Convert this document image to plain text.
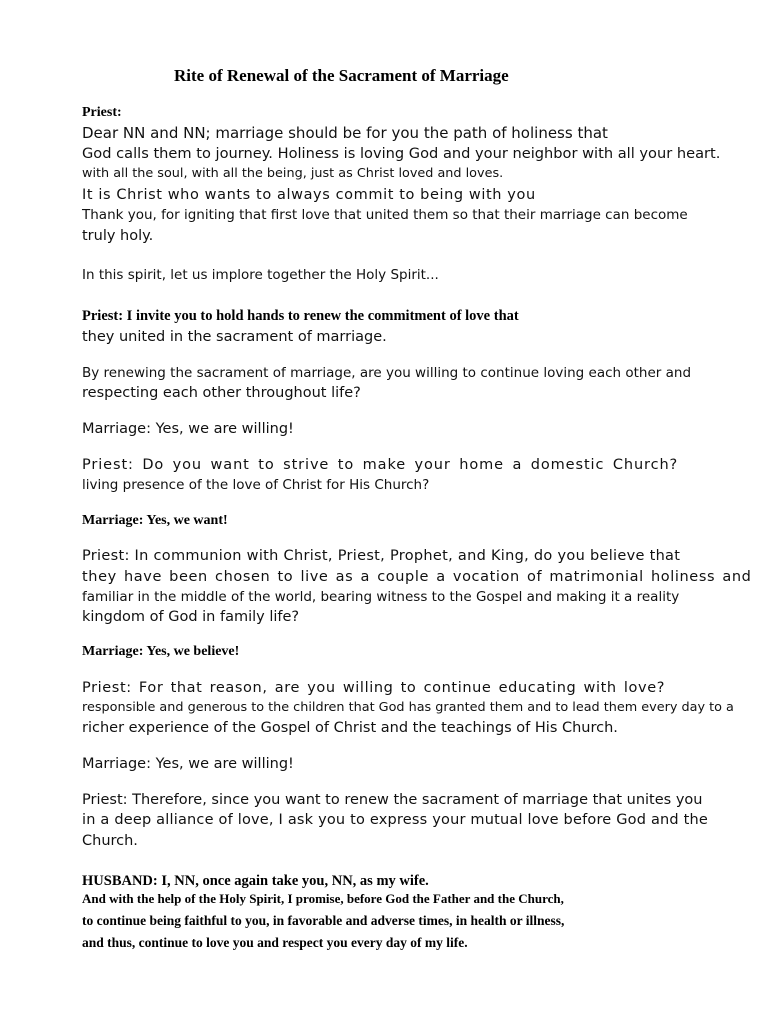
Rite of Renewal of the Sacrament of Marriage
Priest:
Dear NN and NN; marriage should be for you the path of holiness that
God calls them to journey. Holiness is loving God and your neighbor with all your heart.
with all the soul, with all the being, just as Christ loved and loves.
It is Christ who wants to always commit to being with you
Thank you, for igniting that first love that united them so that their marriage can become
truly holy.
In this spirit, let us implore together the Holy Spirit...
Priest: I invite you to hold hands to renew the commitment of love that
they united in the sacrament of marriage.
By renewing the sacrament of marriage, are you willing to continue loving each other and
respecting each other throughout life?
Marriage: Yes, we are willing!
Priest: Do you want to strive to make your home a domestic Church?
living presence of the love of Christ for His Church?
Marriage: Yes, we want!
Priest: In communion with Christ, Priest, Prophet, and King, do you believe that
they have been chosen to live as a couple a vocation of matrimonial holiness and
familiar in the middle of the world, bearing witness to the Gospel and making it a reality
kingdom of God in family life?
Marriage: Yes, we believe!
Priest: For that reason, are you willing to continue educating with love?
responsible and generous to the children that God has granted them and to lead them every day to a
richer experience of the Gospel of Christ and the teachings of His Church.
Marriage: Yes, we are willing!
Priest: Therefore, since you want to renew the sacrament of marriage that unites you
in a deep alliance of love, I ask you to express your mutual love before God and the
Church.
HUSBAND: I, NN, once again take you, NN, as my wife.
And with the help of the Holy Spirit, I promise, before God the Father and the Church,
to continue being faithful to you, in favorable and adverse times, in health or illness,
and thus, continue to love you and respect you every day of my life.
